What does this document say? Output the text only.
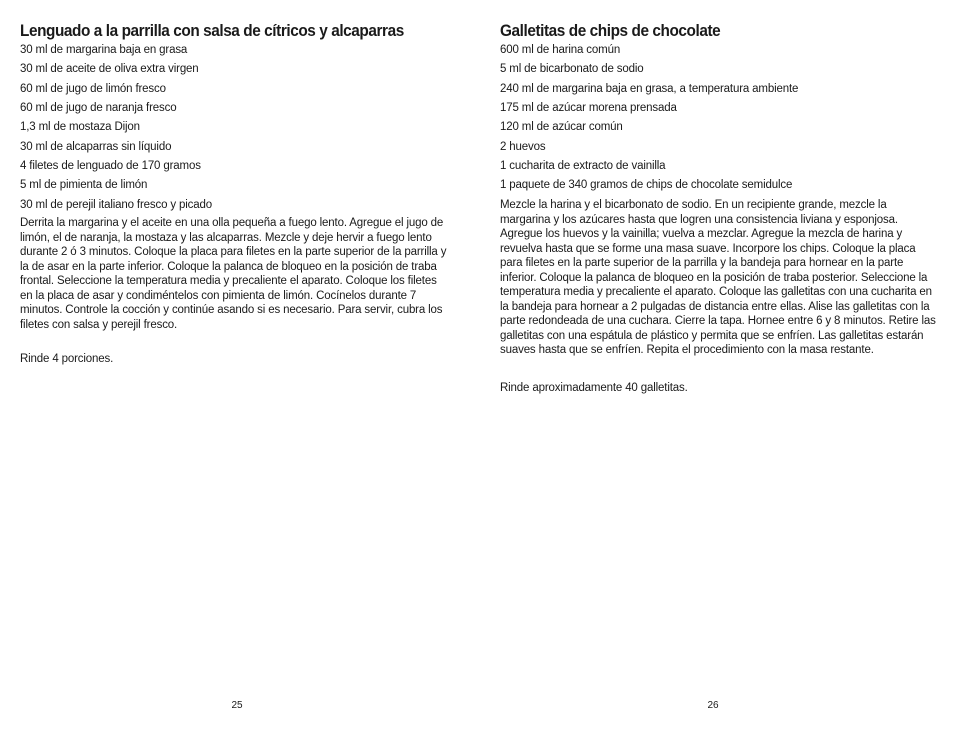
Lenguado a la parrilla con salsa de cítricos y alcaparras
30 ml de margarina baja en grasa
30 ml de aceite de oliva extra virgen
60 ml de jugo de limón fresco
60 ml de jugo de naranja fresco
1,3 ml de mostaza Dijon
30 ml de alcaparras sin líquido
4 filetes de lenguado de 170 gramos
5 ml de pimienta de limón
30 ml de perejil italiano fresco y picado

Derrita la margarina y el aceite en una olla pequeña a fuego lento. Agregue el jugo de limón, el de naranja, la mostaza y las alcaparras. Mezcle y deje hervir a fuego lento durante 2 ó 3 minutos. Coloque la placa para filetes en la parte superior de la parrilla y la de asar en la parte inferior. Coloque la palanca de bloqueo en la posición de traba frontal. Seleccione la temperatura media y precaliente el aparato. Coloque los filetes en la placa de asar y condiméntelos con pimienta de limón. Cocínelos durante 7 minutos. Controle la cocción y continúe asando si es necesario. Para servir, cubra los filetes con salsa y perejil fresco.

Rinde 4 porciones.

25
Galletitas de chips de chocolate
600 ml de harina común
5 ml de bicarbonato de sodio
240 ml de margarina baja en grasa, a temperatura ambiente
175 ml de azúcar morena prensada
120 ml de azúcar común
2 huevos
1 cucharita de extracto de vainilla
1 paquete de 340 gramos de chips de chocolate semidulce

Mezcle la harina y el bicarbonato de sodio. En un recipiente grande, mezcle la margarina y los azúcares hasta que logren una consistencia liviana y esponjosa. Agregue los huevos y la vainilla; vuelva a mezclar. Agregue la mezcla de harina y revuelva hasta que se forme una masa suave. Incorpore los chips. Coloque la placa para filetes en la parte superior de la parrilla y la bandeja para hornear en la parte inferior. Coloque la palanca de bloqueo en la posición de traba posterior. Seleccione la temperatura media y precaliente el aparato. Coloque las galletitas con una cucharita en la bandeja para hornear a 2 pulgadas de distancia entre ellas. Alise las galletitas con la parte redondeada de una cuchara. Cierre la tapa. Hornee entre 6 y 8 minutos. Retire las galletitas con una espátula de plástico y permita que se enfríen. Las galletitas estarán suaves hasta que se enfríen. Repita el procedimiento con la masa restante.

Rinde aproximadamente 40 galletitas.

26
